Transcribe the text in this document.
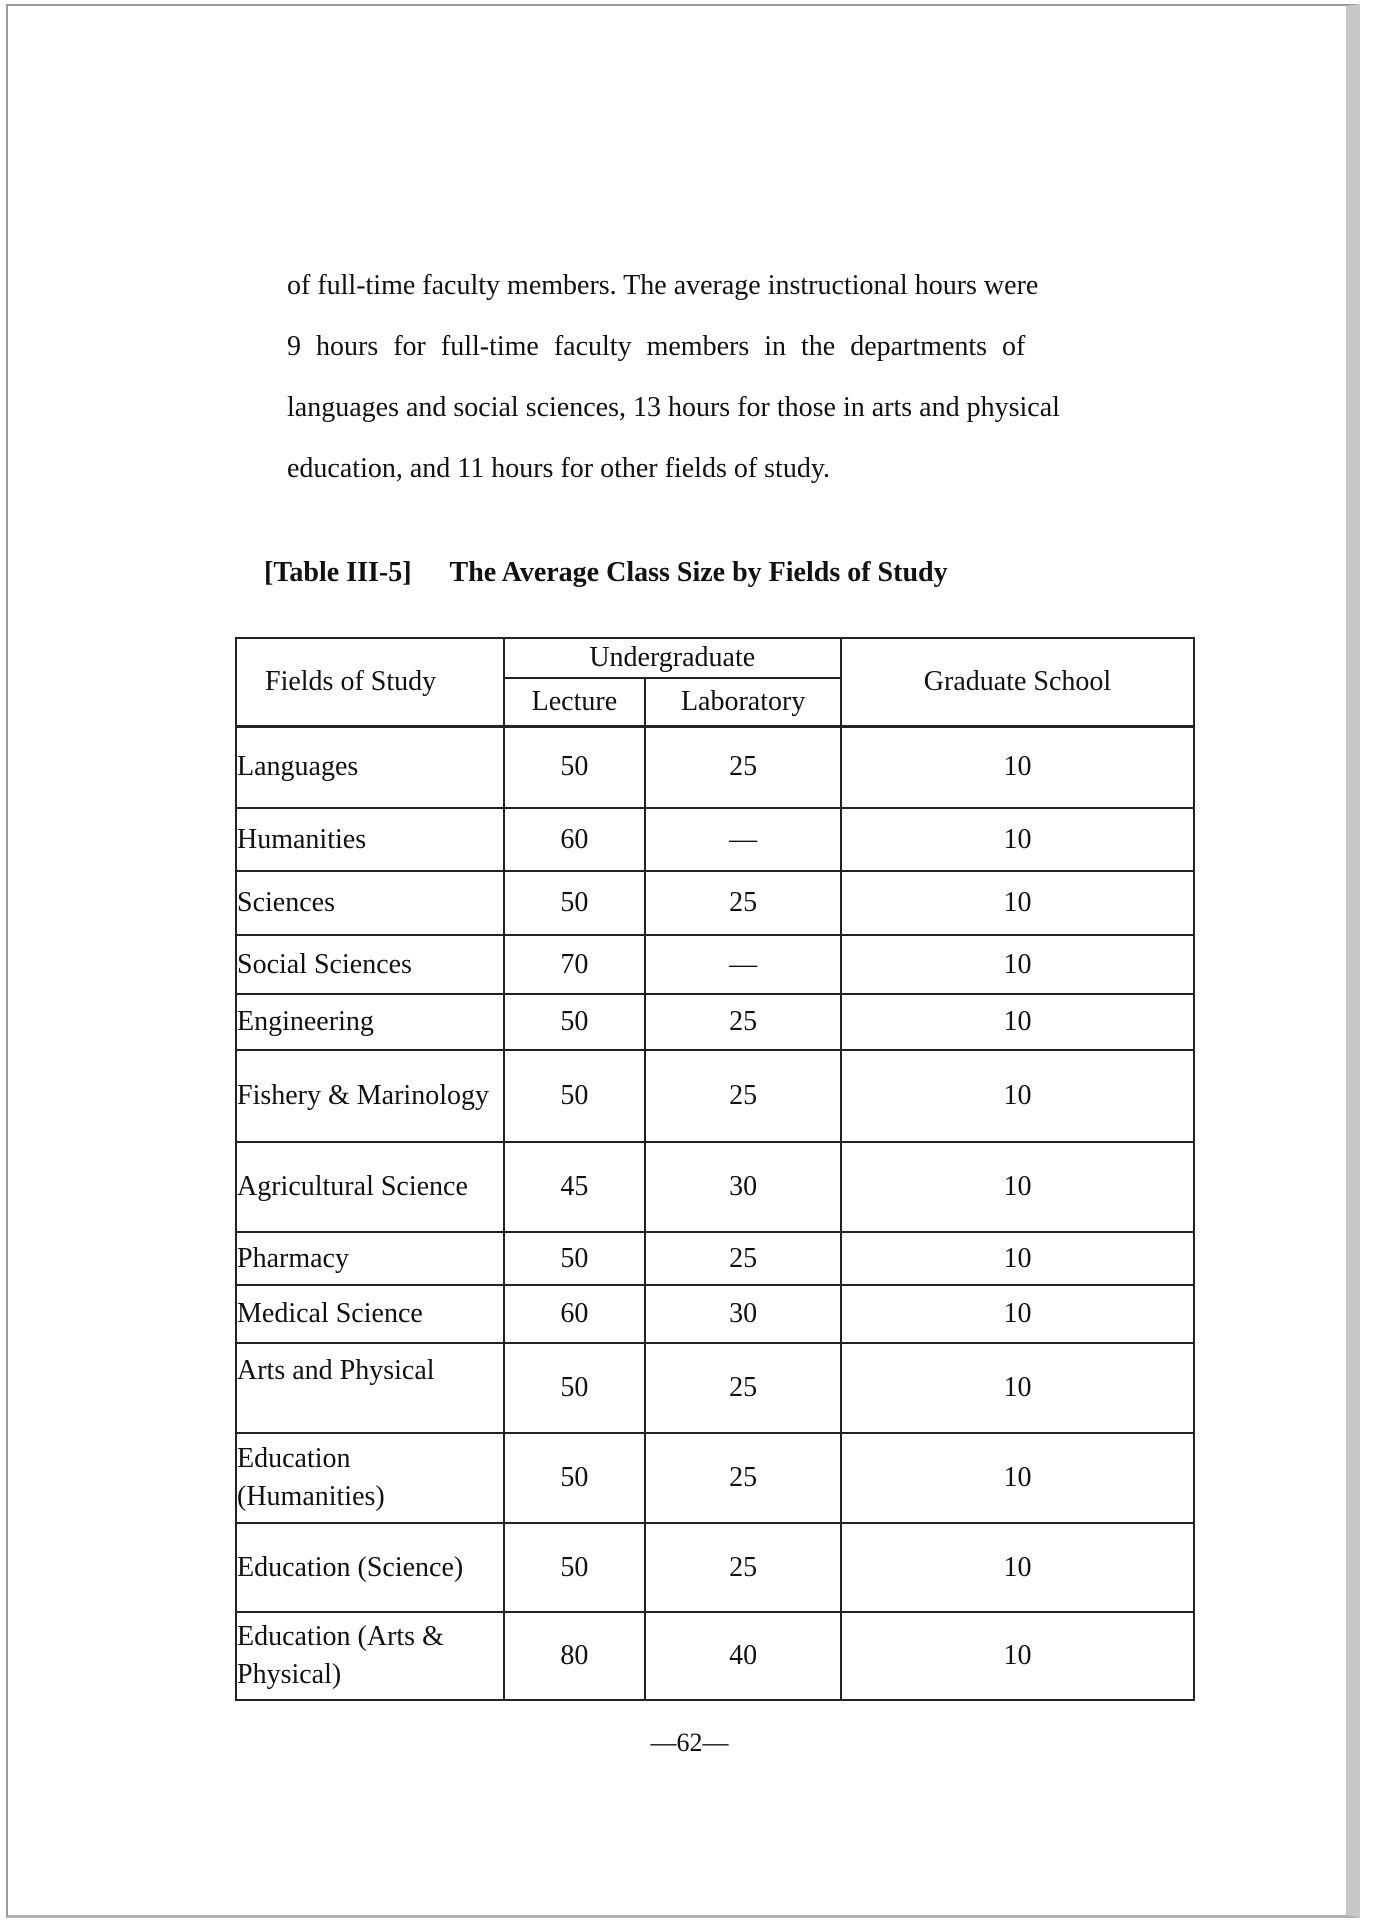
of full-time faculty members. The average instructional hours were
9 hours for full-time faculty members in the departments of
languages and social sciences, 13 hours for those in arts and physical
education, and 11 hours for other fields of study.
[Table III-5] The Average Class Size by Fields of Study
Fields of Study	Undergraduate		Graduate School
	Lecture	Laboratory	
Languages	50	25	10
Humanities	60	—	10
Sciences	50	25	10
Social Sciences	70	—	10
Engineering	50	25	10
Fishery & Marinology	50	25	10
Agricultural Science	45	30	10
Pharmacy	50	25	10
Medical Science	60	30	10
Arts and Physical	50	25	10
Education (Humanities)	50	25	10
Education (Science)	50	25	10
Education (Arts & Physical)	80	40	10
—62—
